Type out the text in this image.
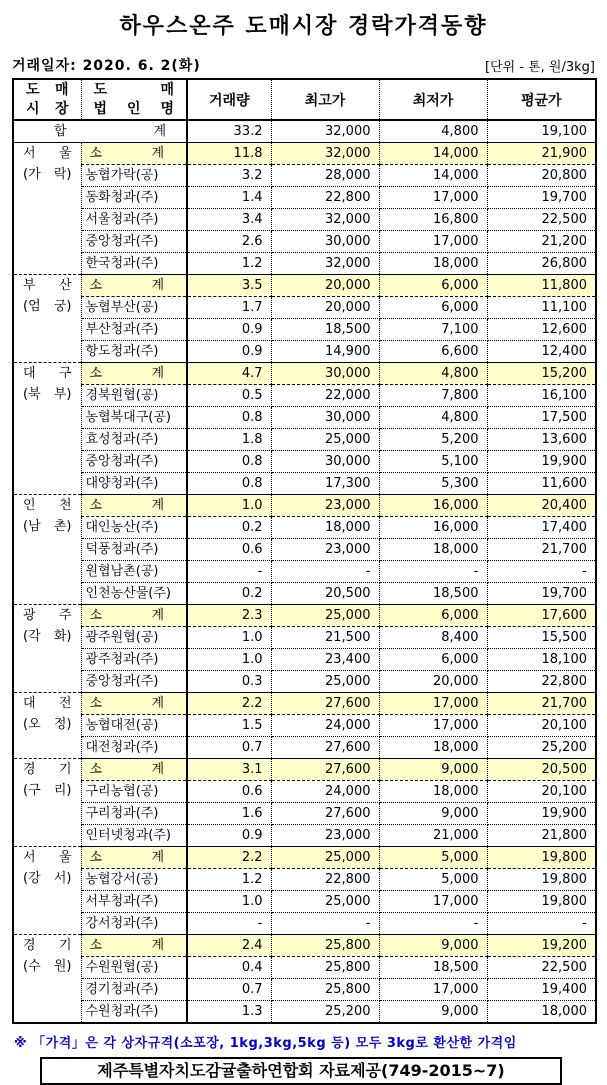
하우스온주 도매시장 경락가격동향
거래일자: 2020. 6. 2(화)	[단위 - 톤, 원/3kg]
도 매
시 장

도 매
법 인 명	거래량	최고가	최저가	평균가
합 계		33.2	32,000	4,800	19,100

서 울
(가 락)	소 계	11.8	32,000	14,000	21,900
	농협가락(공)	3.2	28,000	14,000	20,800
	동화청과(주)	1.4	22,800	17,000	19,700
	서울청과(주)	3.4	32,000	16,800	22,500
	중앙청과(주)	2.6	30,000	17,000	21,200
	한국청과(주)	1.2	32,000	18,000	26,800

부 산
(엄 궁)	소 계	3.5	20,000	6,000	11,800
	농협부산(공)	1.7	20,000	6,000	11,100
	부산청과(주)	0.9	18,500	7,100	12,600
	항도청과(주)	0.9	14,900	6,600	12,400

대 구
(북 부)	소 계	4.7	30,000	4,800	15,200
	경북원협(공)	0.5	22,000	7,800	16,100
	농협북대구(공)	0.8	30,000	4,800	17,500
	효성청과(주)	1.8	25,000	5,200	13,600
	중앙청과(주)	0.8	30,000	5,100	19,900
	대양청과(주)	0.8	17,300	5,300	11,600

인 천
(남 촌)	소 계	1.0	23,000	16,000	20,400
	대인농산(주)	0.2	18,000	16,000	17,400
	덕풍청과(주)	0.6	23,000	18,000	21,700
	원협남촌(공)	-	-	-	-
	인천농산물(주)	0.2	20,500	18,500	19,700

광 주
(각 화)	소 계	2.3	25,000	6,000	17,600
	광주원협(공)	1.0	21,500	8,400	15,500
	광주청과(주)	1.0	23,400	6,000	18,100
	중앙청과(주)	0.3	25,000	20,000	22,800

대 전
(오 정)	소 계	2.2	27,600	17,000	21,700
	농협대전(공)	1.5	24,000	17,000	20,100
	대전청과(주)	0.7	27,600	18,000	25,200

경 기
(구 리)	소 계	3.1	27,600	9,000	20,500
	구리농협(공)	0.6	24,000	18,000	20,100
	구리청과(주)	1.6	27,600	9,000	19,900
	인터넷청과(주)	0.9	23,000	21,000	21,800

서 울
(강 서)	소 계	2.2	25,000	5,000	19,800
	농협강서(공)	1.2	22,800	5,000	19,800
	서부청과(주)	1.0	25,000	17,000	19,800
	강서청과(주)	-	-	-	-

경 기
(수 원)	소 계	2.4	25,800	9,000	19,200
	수원원협(공)	0.4	25,800	18,500	22,500
	경기청과(주)	0.7	25,800	17,000	19,400
	수원청과(주)	1.3	25,200	9,000	18,000
※ 「가격」은 각 상자규격(소포장, 1kg,3kg,5kg 등) 모두 3kg로 환산한 가격임
제주특별자치도감귤출하연합회 자료제공(749-2015~7)
